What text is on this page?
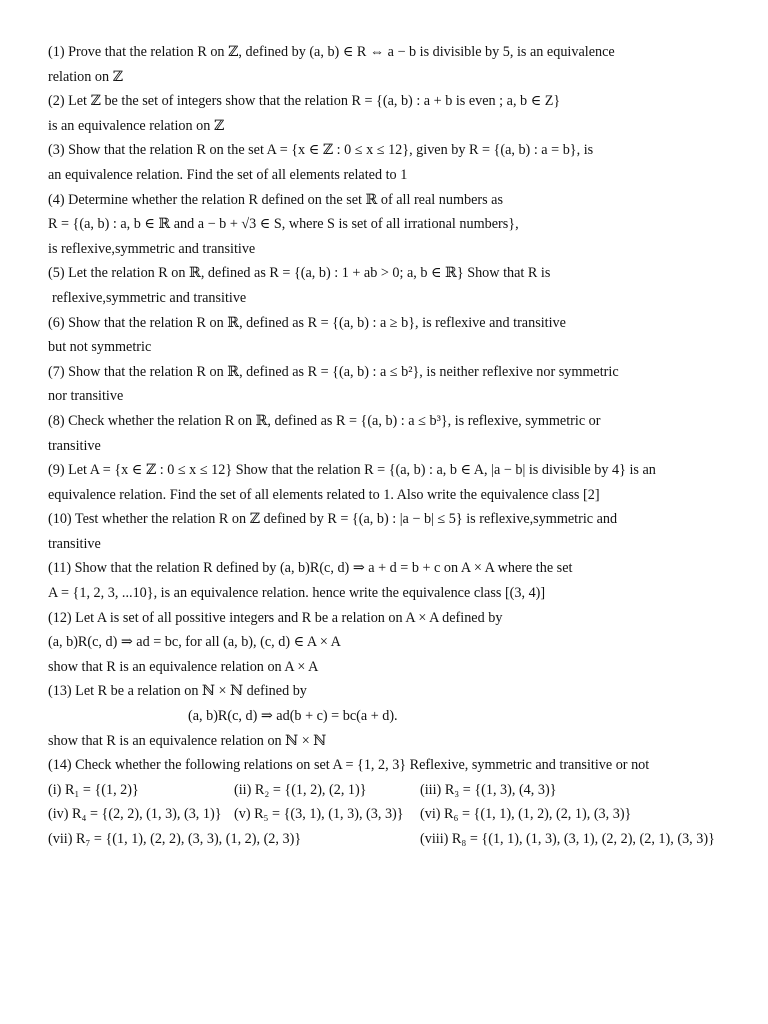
(1) Prove that the relation R on ℤ, defined by (a, b) ∈ R ⇔ a − b is divisible by 5, is an equivalence
relation on ℤ
(2) Let ℤ be the set of integers show that the relation R = {(a, b) : a + b is even ; a, b ∈ Z}
is an equivalence relation on ℤ
(3) Show that the relation R on the set A = {x ∈ ℤ : 0 ≤ x ≤ 12}, given by R = {(a, b) : a = b}, is
an equivalence relation. Find the set of all elements related to 1
(4) Determine whether the relation R defined on the set ℝ of all real numbers as
R = {(a, b) : a, b ∈ ℝ and a − b + √3 ∈ S, where S is set of all irrational numbers},
is reflexive,symmetric and transitive
(5) Let the relation R on ℝ, defined as R = {(a, b) : 1 + ab > 0; a, b ∈ ℝ} Show that R is
reflexive,symmetric and transitive
(6) Show that the relation R on ℝ, defined as R = {(a, b) : a ≥ b}, is reflexive and transitive
but not symmetric
(7) Show that the relation R on ℝ, defined as R = {(a, b) : a ≤ b²}, is neither reflexive nor symmetric
nor transitive
(8) Check whether the relation R on ℝ, defined as R = {(a, b) : a ≤ b³}, is reflexive, symmetric or
transitive
(9) Let A = {x ∈ ℤ : 0 ≤ x ≤ 12} Show that the relation R = {(a, b) : a, b ∈ A, |a − b| is divisible by 4} is an
equivalence relation. Find the set of all elements related to 1. Also write the equivalence class [2]
(10) Test whether the relation R on ℤ defined by R = {(a, b) : |a − b| ≤ 5} is reflexive,symmetric and
transitive
(11) Show that the relation R defined by (a, b)R(c, d) ⇒ a + d = b + c on A × A where the set
A = {1, 2, 3, ...10}, is an equivalence relation. hence write the equivalence class [(3, 4)]
(12) Let A is set of all possitive integers and R be a relation on A × A defined by
(a, b)R(c, d) ⇒ ad = bc, for all (a, b), (c, d) ∈ A × A
show that R is an equivalence relation on A × A
(13) Let R be a relation on ℕ × ℕ defined by
(a, b)R(c, d) ⇒ ad(b + c) = bc(a + d).
show that R is an equivalence relation on ℕ × ℕ
(14) Check whether the following relations on set A = {1, 2, 3} Reflexive, symmetric and transitive or not
(i) R₁ = {(1, 2)}	(ii) R₂ = {(1, 2), (2, 1)}	(iii) R₃ = {(1, 3), (4, 3)}
(iv) R₄ = {(2, 2), (1, 3), (3, 1)} (v) R₅ = {(3, 1), (1, 3), (3, 3)}	(vi) R₆ = {(1, 1), (1, 2), (2, 1), (3, 3)}
(vii) R₇ = {(1, 1), (2, 2), (3, 3), (1, 2), (2, 3)}	(viii) R₈ = {(1, 1), (1, 3), (3, 1), (2, 2), (2, 1), (3, 3)}
